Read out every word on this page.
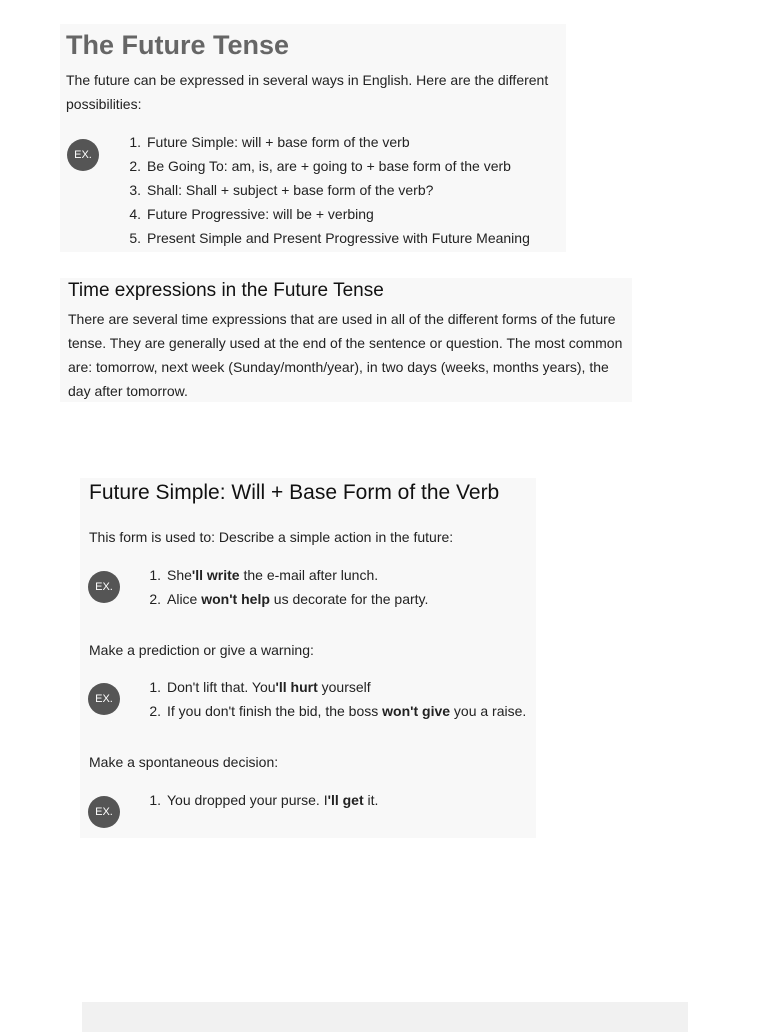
The Future Tense

The future can be expressed in several ways in English. Here are the different
possibilities:

EX.
1. Future Simple: will + base form of the verb
2. Be Going To: am, is, are + going to + base form of the verb
3. Shall: Shall + subject + base form of the verb?
4. Future Progressive: will be + verbing
5. Present Simple and Present Progressive with Future Meaning
Time expressions in the Future Tense

There are several time expressions that are used in all of the different forms of the future
tense. They are generally used at the end of the sentence or question. The most common
are: tomorrow, next week (Sunday/month/year), in two days (weeks, months years), the
day after tomorrow.

Future Simple: Will + Base Form of the Verb

This form is used to: Describe a simple action in the future:

EX.
1. She'll write the e-mail after lunch.
2. Alice won't help us decorate for the party.

Make a prediction or give a warning:

EX.
1. Don't lift that. You'll hurt yourself
2. If you don't finish the bid, the boss won't give you a raise.

Make a spontaneous decision:

EX.
1. You dropped your purse. I'll get it.
